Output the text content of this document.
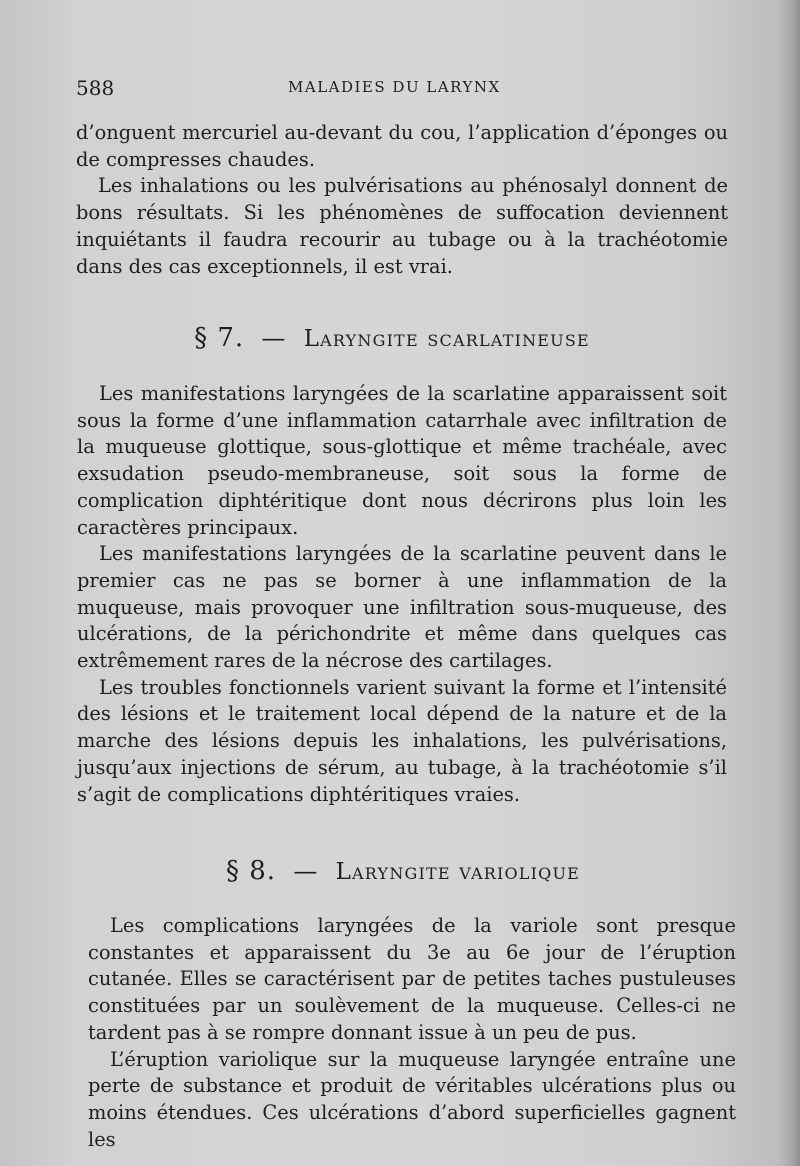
588	MALADIES DU LARYNX

d’onguent mercuriel au-devant du cou, l’application d’éponges ou de compresses chaudes.

Les inhalations ou les pulvérisations au phénosalyl donnent de bons résultats. Si les phénomènes de suffocation deviennent inquiétants il faudra recourir au tubage ou à la trachéotomie dans des cas exceptionnels, il est vrai.

§ 7. — Laryngite scarlatineuse

Les manifestations laryngées de la scarlatine apparaissent soit sous la forme d’une inflammation catarrhale avec infiltration de la muqueuse glottique, sous-glottique et même trachéale, avec exsudation pseudo-membraneuse, soit sous la forme de complication diphtéritique dont nous décrirons plus loin les caractères principaux.

Les manifestations laryngées de la scarlatine peuvent dans le premier cas ne pas se borner à une inflammation de la muqueuse, mais provoquer une infiltration sous-muqueuse, des ulcérations, de la périchondrite et même dans quelques cas extrêmement rares de la nécrose des cartilages.

Les troubles fonctionnels varient suivant la forme et l’intensité des lésions et le traitement local dépend de la nature et de la marche des lésions depuis les inhalations, les pulvérisations, jusqu’aux injections de sérum, au tubage, à la trachéotomie s’il s’agit de complications diphtéritiques vraies.

§ 8. — Laryngite variolique

Les complications laryngées de la variole sont presque constantes et apparaissent du 3e au 6e jour de l’éruption cutanée. Elles se caractérisent par de petites taches pustuleuses constituées par un soulèvement de la muqueuse. Celles-ci ne tardent pas à se rompre donnant issue à un peu de pus.

L’éruption variolique sur la muqueuse laryngée entraîne une perte de substance et produit de véritables ulcérations plus ou moins étendues. Ces ulcérations d’abord superficielles gagnent les
